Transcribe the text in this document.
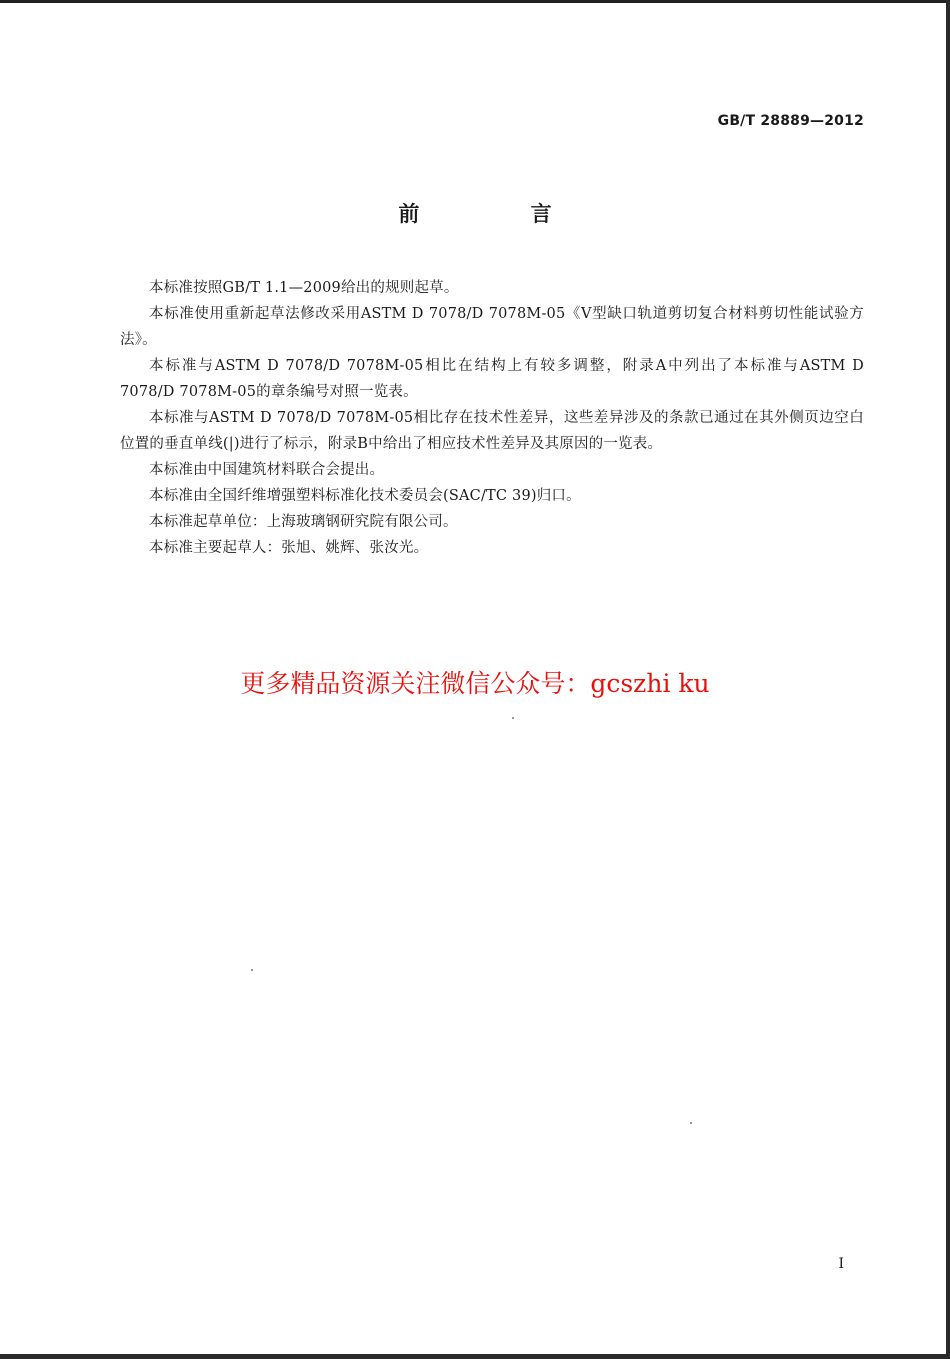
GB/T 28889—2012
前 言

本标准按照GB/T 1.1—2009给出的规则起草。

本标准使用重新起草法修改采用ASTM D 7078/D 7078M-05《V型缺口轨道剪切复合材料剪切性能试验方法》。

本标准与ASTM D 7078/D 7078M-05相比在结构上有较多调整，附录A中列出了本标准与ASTM D 7078/D 7078M-05的章条编号对照一览表。

本标准与ASTM D 7078/D 7078M-05相比存在技术性差异，这些差异涉及的条款已通过在其外侧页边空白位置的垂直单线(|)进行了标示，附录B中给出了相应技术性差异及其原因的一览表。

本标准由中国建筑材料联合会提出。

本标准由全国纤维增强塑料标准化技术委员会(SAC/TC 39)归口。

本标准起草单位：上海玻璃钢研究院有限公司。

本标准主要起草人：张旭、姚辉、张汝光。

更多精品资源关注微信公众号：gcszhi ku
I
